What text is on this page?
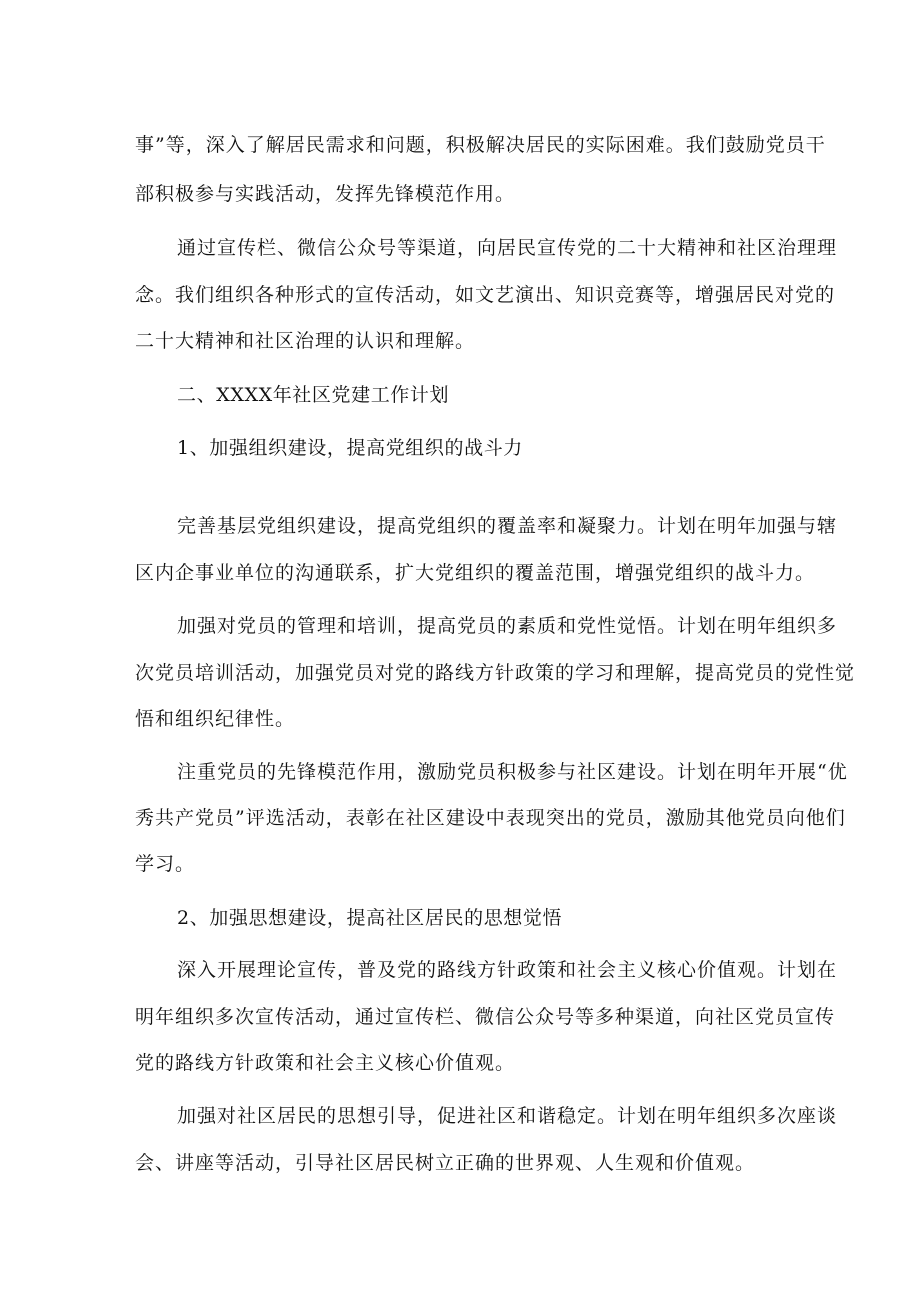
事”等，深入了解居民需求和问题，积极解决居民的实际困难。我们鼓励党员干
部积极参与实践活动，发挥先锋模范作用。
通过宣传栏、微信公众号等渠道，向居民宣传党的二十大精神和社区治理理
念。我们组织各种形式的宣传活动，如文艺演出、知识竞赛等，增强居民对党的
二十大精神和社区治理的认识和理解。
二、XXXX年社区党建工作计划
1、加强组织建设，提高党组织的战斗力
完善基层党组织建设，提高党组织的覆盖率和凝聚力。计划在明年加强与辖
区内企事业单位的沟通联系，扩大党组织的覆盖范围，增强党组织的战斗力。
加强对党员的管理和培训，提高党员的素质和党性觉悟。计划在明年组织多
次党员培训活动，加强党员对党的路线方针政策的学习和理解，提高党员的党性觉
悟和组织纪律性。
注重党员的先锋模范作用，激励党员积极参与社区建设。计划在明年开展“优
秀共产党员”评选活动，表彰在社区建设中表现突出的党员，激励其他党员向他们
学习。
2、加强思想建设，提高社区居民的思想觉悟
深入开展理论宣传，普及党的路线方针政策和社会主义核心价值观。计划在
明年组织多次宣传活动，通过宣传栏、微信公众号等多种渠道，向社区党员宣传
党的路线方针政策和社会主义核心价值观。
加强对社区居民的思想引导，促进社区和谐稳定。计划在明年组织多次座谈
会、讲座等活动，引导社区居民树立正确的世界观、人生观和价值观。
